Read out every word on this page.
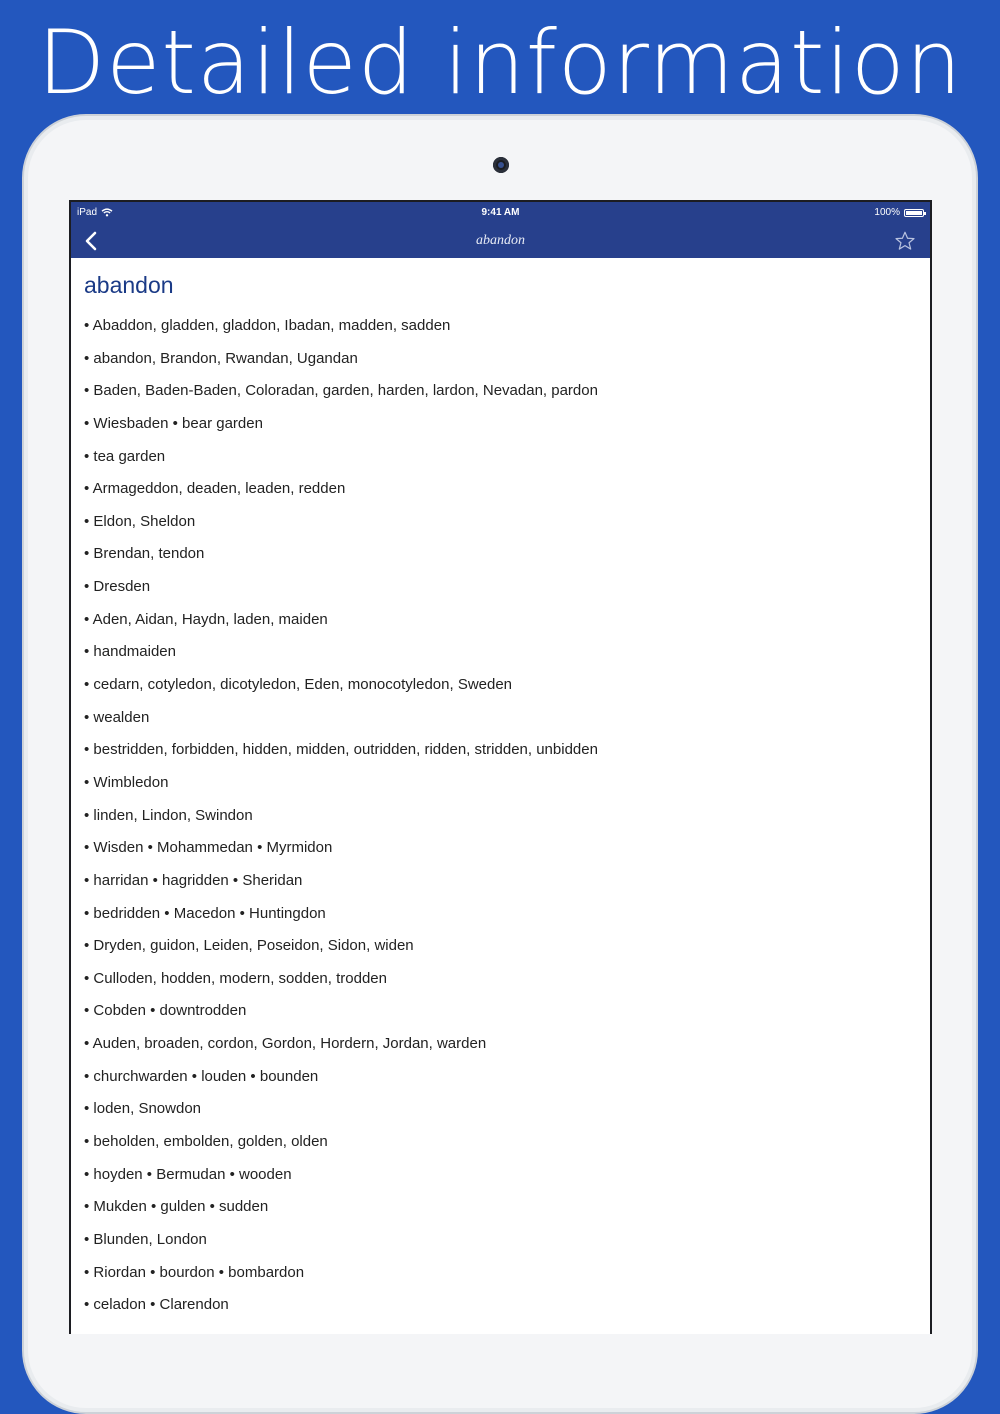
Detailed information
iPad	9:41 AM	100%
abandon
abandon
• Abaddon, gladden, gladdon, Ibadan, madden, sadden
• abandon, Brandon, Rwandan, Ugandan
• Baden, Baden-Baden, Coloradan, garden, harden, lardon, Nevadan, pardon
• Wiesbaden • bear garden
• tea garden
• Armageddon, deaden, leaden, redden
• Eldon, Sheldon
• Brendan, tendon
• Dresden
• Aden, Aidan, Haydn, laden, maiden
• handmaiden
• cedarn, cotyledon, dicotyledon, Eden, monocotyledon, Sweden
• wealden
• bestridden, forbidden, hidden, midden, outridden, ridden, stridden, unbidden
• Wimbledon
• linden, Lindon, Swindon
• Wisden • Mohammedan • Myrmidon
• harridan • hagridden • Sheridan
• bedridden • Macedon • Huntingdon
• Dryden, guidon, Leiden, Poseidon, Sidon, widen
• Culloden, hodden, modern, sodden, trodden
• Cobden • downtrodden
• Auden, broaden, cordon, Gordon, Hordern, Jordan, warden
• churchwarden • louden • bounden
• loden, Snowdon
• beholden, embolden, golden, olden
• hoyden • Bermudan • wooden
• Mukden • gulden • sudden
• Blunden, London
• Riordan • bourdon • bombardon
• celadon • Clarendon
